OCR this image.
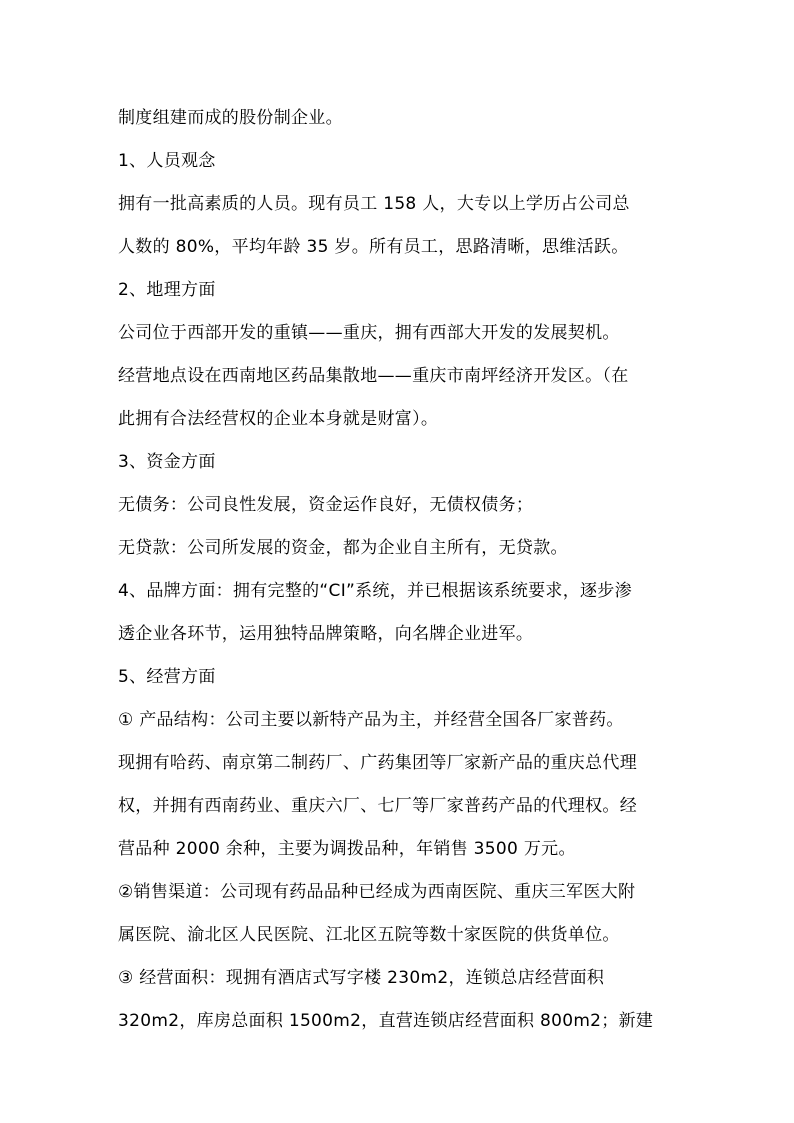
制度组建而成的股份制企业。
1、人员观念
拥有一批高素质的人员。现有员工 158 人，大专以上学历占公司总
人数的 80%，平均年龄 35 岁。所有员工，思路清晰，思维活跃。
2、地理方面
公司位于西部开发的重镇——重庆，拥有西部大开发的发展契机。
经营地点设在西南地区药品集散地——重庆市南坪经济开发区。（在
此拥有合法经营权的企业本身就是财富）。
3、资金方面
无债务：公司良性发展，资金运作良好，无债权债务；
无贷款：公司所发展的资金，都为企业自主所有，无贷款。
4、品牌方面：拥有完整的“CI”系统，并已根据该系统要求，逐步渗
透企业各环节，运用独特品牌策略，向名牌企业进军。
5、经营方面
① 产品结构：公司主要以新特产品为主，并经营全国各厂家普药。
现拥有哈药、南京第二制药厂、广药集团等厂家新产品的重庆总代理
权，并拥有西南药业、重庆六厂、七厂等厂家普药产品的代理权。经
营品种 2000 余种，主要为调拨品种，年销售 3500 万元。
②销售渠道：公司现有药品品种已经成为西南医院、重庆三军医大附
属医院、渝北区人民医院、江北区五院等数十家医院的供货单位。
③ 经营面积：现拥有酒店式写字楼 230m2，连锁总店经营面积
320m2，库房总面积 1500m2，直营连锁店经营面积 800m2；新建
